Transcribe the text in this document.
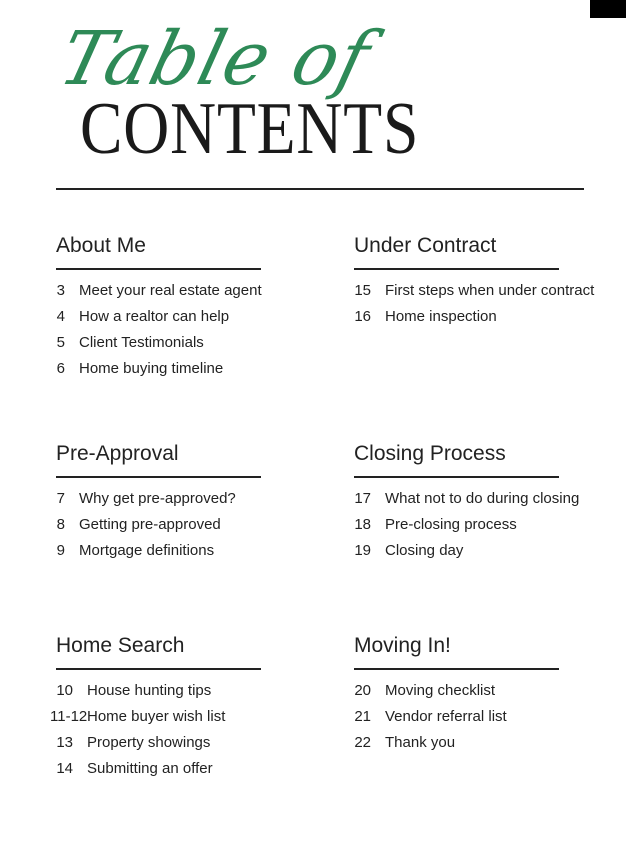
Table of
CONTENTS
About Me
3 Meet your real estate agent
4 How a realtor can help
5 Client Testimonials
6 Home buying timeline
Under Contract
15 First steps when under contract
16 Home inspection
Pre-Approval
7 Why get pre-approved?
8 Getting pre-approved
9 Mortgage definitions
Closing Process
17 What not to do during closing
18 Pre-closing process
19 Closing day
Home Search
10 House hunting tips
11-12 Home buyer wish list
13 Property showings
14 Submitting an offer
Moving In!
20 Moving checklist
21 Vendor referral list
22 Thank you
